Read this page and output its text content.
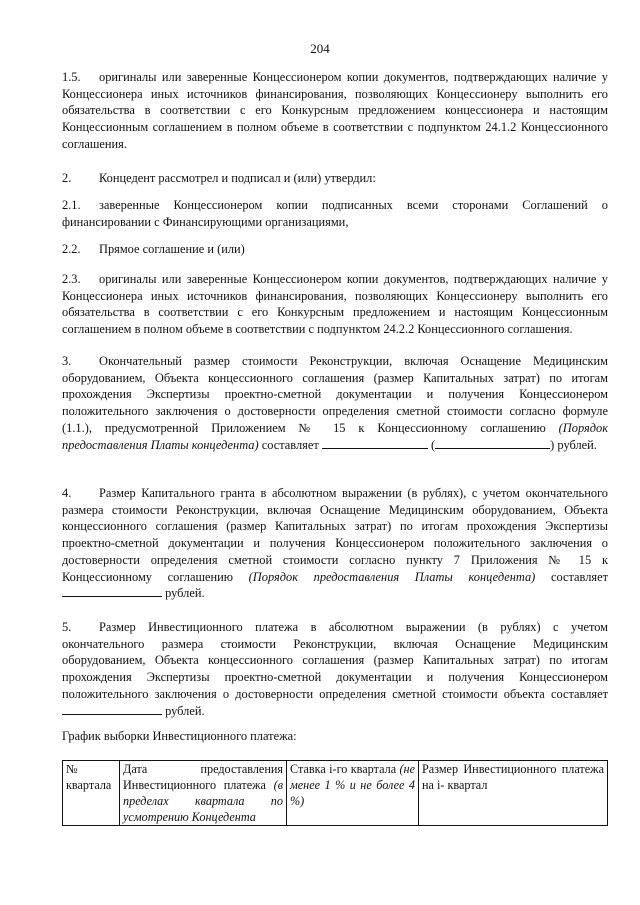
204
1.5. оригиналы или заверенные Концессионером копии документов, подтверждающих наличие у Концессионера иных источников финансирования, позволяющих Концессионеру выполнить его обязательства в соответствии с его Конкурсным предложением концессионера и настоящим Концессионным соглашением в полном объеме в соответствии с подпунктом 24.1.2 Концессионного соглашения.
2. Концедент рассмотрел и подписал и (или) утвердил:
2.1. заверенные Концессионером копии подписанных всеми сторонами Соглашений о финансировании с Финансирующими организациями,
2.2. Прямое соглашение и (или)
2.3. оригиналы или заверенные Концессионером копии документов, подтверждающих наличие у Концессионера иных источников финансирования, позволяющих Концессионеру выполнить его обязательства в соответствии с его Конкурсным предложением и настоящим Концессионным соглашением в полном объеме в соответствии с подпунктом 24.2.2 Концессионного соглашения.
3. Окончательный размер стоимости Реконструкции, включая Оснащение Медицинским оборудованием, Объекта концессионного соглашения (размер Капитальных затрат) по итогам прохождения Экспертизы проектно-сметной документации и получения Концессионером положительного заключения о достоверности определения сметной стоимости согласно формуле (1.1.), предусмотренной Приложением № 15 к Концессионному соглашению (Порядок предоставления Платы концедента) составляет	(	) рублей.
4. Размер Капитального гранта в абсолютном выражении (в рублях), с учетом окончательного размера стоимости Реконструкции, включая Оснащение Медицинским оборудованием, Объекта концессионного соглашения (размер Капитальных затрат) по итогам прохождения Экспертизы проектно-сметной документации и получения Концессионером положительного заключения о достоверности определения сметной стоимости согласно пункту 7 Приложения № 15 к Концессионному соглашению (Порядок предоставления Платы концедента) составляет  рублей.
5. Размер Инвестиционного платежа в абсолютном выражении (в рублях) с учетом окончательного размера стоимости Реконструкции, включая Оснащение Медицинским оборудованием, Объекта концессионного соглашения (размер Капитальных затрат) по итогам прохождения Экспертизы проектно-сметной документации и получения Концессионером положительного заключения о достоверности определения сметной стоимости объекта составляет  рублей.
График выборки Инвестиционного платежа:
№ квартала	Дата предоставления Инвестиционного платежа (в пределах квартала по усмотрению Концедента	Ставка i-го квартала (не менее 1 % и не более 4 %)	Размер Инвестиционного платежа на i- квартал
